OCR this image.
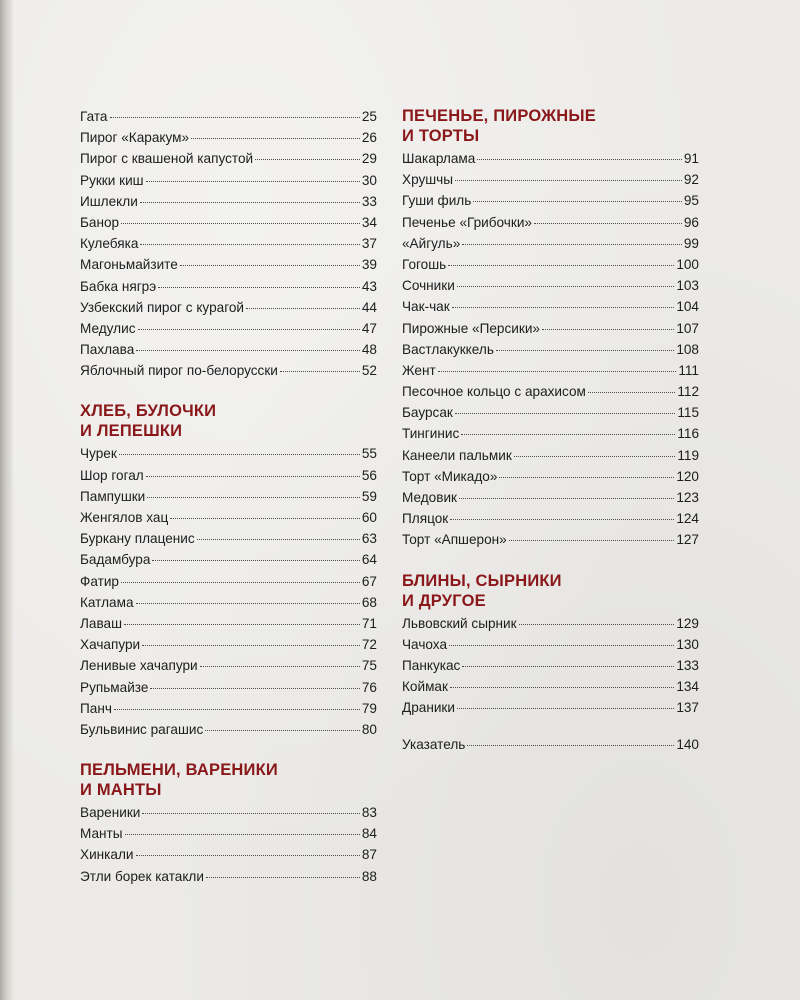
Гата	25
Пирог «Каракум»	26
Пирог с квашеной капустой	29
Рукки киш	30
Ишлекли	33
Банор	34
Кулебяка	37
Магоньмайзите	39
Бабка нягрэ	43
Узбекский пирог с курагой	44
Медулис	47
Пахлава	48
Яблочный пирог по-белорусски	52
ХЛЕБ, БУЛОЧКИ
И ЛЕПЕШКИ
Чурек	55
Шор гогал	56
Пампушки	59
Женгялов хац	60
Буркану плаценис	63
Бадамбура	64
Фатир	67
Катлама	68
Лаваш	71
Хачапури	72
Ленивые хачапури	75
Рупьмайзе	76
Панч	79
Бульвинис рагашис	80
ПЕЛЬМЕНИ, ВАРЕНИКИ
И МАНТЫ
Вареники	83
Манты	84
Хинкали	87
Этли борек катакли	88
ПЕЧЕНЬЕ, ПИРОЖНЫЕ
И ТОРТЫ
Шакарлама	91
Хрушчы	92
Гуши филь	95
Печенье «Грибочки»	96
«Айгуль»	99
Гогошь	100
Сочники	103
Чак-чак	104
Пирожные «Персики»	107
Вастлакуккель	108
Жент	111
Песочное кольцо с арахисом	112
Баурсак	115
Тингинис	116
Канеели пальмик	119
Торт «Микадо»	120
Медовик	123
Пляцок	124
Торт «Апшерон»	127
БЛИНЫ, СЫРНИКИ
И ДРУГОЕ
Львовский сырник	129
Чачоха	130
Панкукас	133
Коймак	134
Драники	137
Указатель	140
